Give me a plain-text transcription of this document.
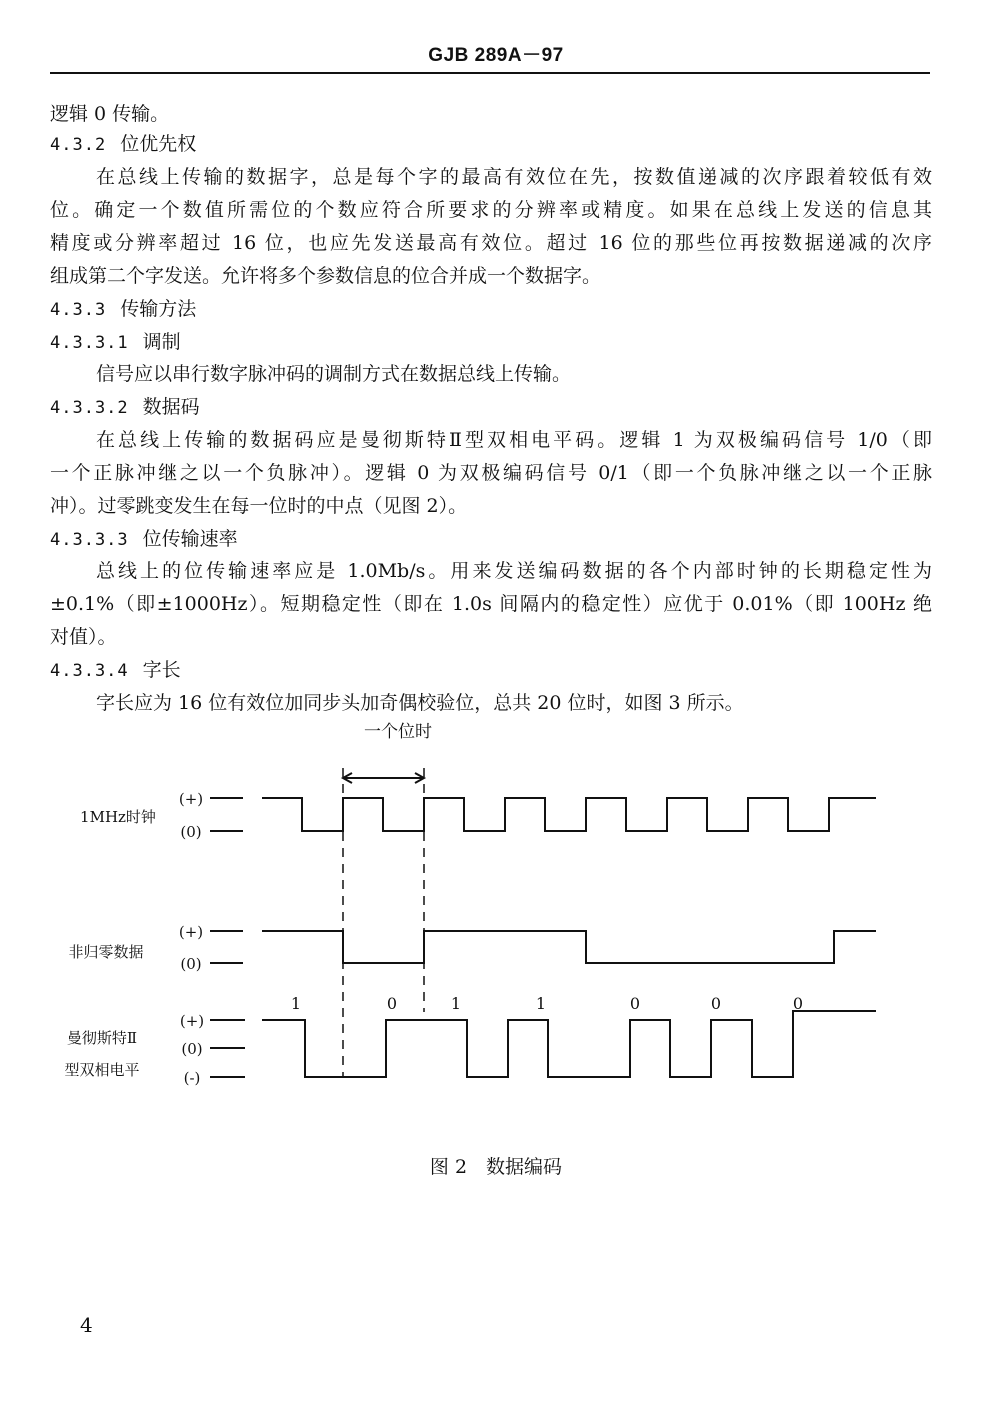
GJB 289A－97
逻辑 0 传输。
4.3.2 位优先权
在总线上传输的数据字，总是每个字的最高有效位在先，按数值递减的次序跟着较低有效
位。确定一个数值所需位的个数应符合所要求的分辨率或精度。如果在总线上发送的信息其
精度或分辨率超过 16 位，也应先发送最高有效位。超过 16 位的那些位再按数据递减的次序
组成第二个字发送。允许将多个参数信息的位合并成一个数据字。
4.3.3 传输方法
4.3.3.1 调制
信号应以串行数字脉冲码的调制方式在数据总线上传输。
4.3.3.2 数据码
在总线上传输的数据码应是曼彻斯特Ⅱ型双相电平码。逻辑 1 为双极编码信号 1/0（即
一个正脉冲继之以一个负脉冲）。逻辑 0 为双极编码信号 0/1（即一个负脉冲继之以一个正脉
冲）。过零跳变发生在每一位时的中点（见图 2）。
4.3.3.3 位传输速率
总线上的位传输速率应是 1.0Mb/s。用来发送编码数据的各个内部时钟的长期稳定性为
±0.1%（即±1000Hz）。短期稳定性（即在 1.0s 间隔内的稳定性）应优于 0.01%（即 100Hz 绝
对值）。
4.3.3.4 字长
字长应为 16 位有效位加同步头加奇偶校验位，总共 20 位时，如图 3 所示。
一个位时
1MHz时钟
非归零数据
曼彻斯特Ⅱ
型双相电平
(+)
(0)
(+)
(0)
(+)
(0)
(-)
1	0	1	1	0	0	0
图 2　数据编码
4
